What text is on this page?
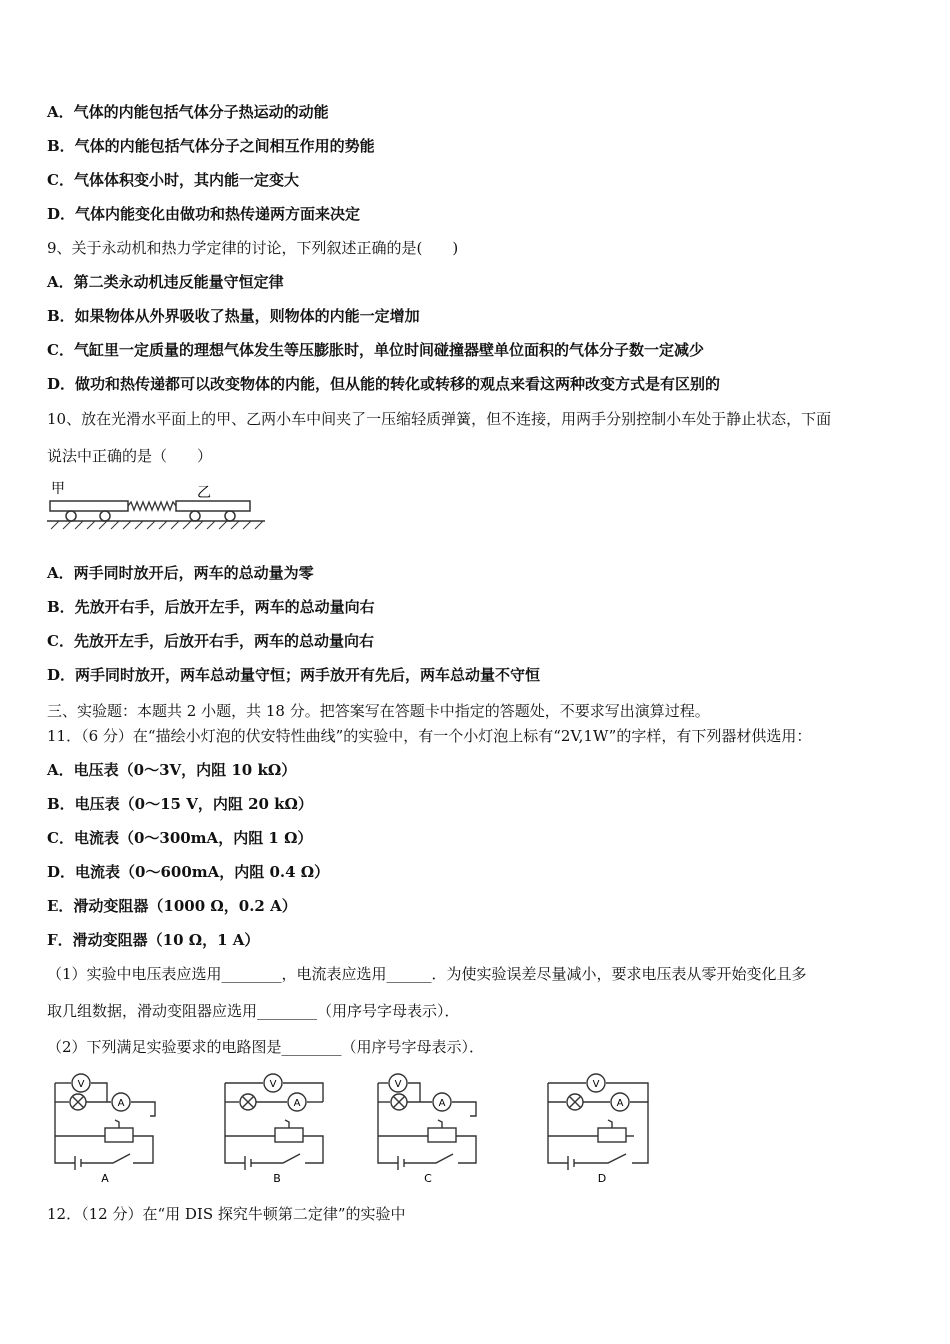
A．气体的内能包括气体分子热运动的动能
B．气体的内能包括气体分子之间相互作用的势能
C．气体体积变小时，其内能一定变大
D．气体内能变化由做功和热传递两方面来决定
9、关于永动机和热力学定律的讨论，下列叙述正确的是(　　)
A．第二类永动机违反能量守恒定律
B．如果物体从外界吸收了热量，则物体的内能一定增加
C．气缸里一定质量的理想气体发生等压膨胀时，单位时间碰撞器壁单位面积的气体分子数一定减少
D．做功和热传递都可以改变物体的内能，但从能的转化或转移的观点来看这两种改变方式是有区别的
10、放在光滑水平面上的甲、乙两小车中间夹了一压缩轻质弹簧，但不连接，用两手分别控制小车处于静止状态，下面
说法中正确的是（　　）
甲	乙
A．两手同时放开后，两车的总动量为零
B．先放开右手，后放开左手，两车的总动量向右
C．先放开左手，后放开右手，两车的总动量向右
D．两手同时放开，两车总动量守恒；两手放开有先后，两车总动量不守恒
三、实验题：本题共 2 小题，共 18 分。把答案写在答题卡中指定的答题处，不要求写出演算过程。
11．（6 分）在“描绘小灯泡的伏安特性曲线”的实验中，有一个小灯泡上标有“2V,1W”的字样，有下列器材供选用：
A．电压表（0～3V，内阻 10 kΩ）
B．电压表（0～15 V，内阻 20 kΩ）
C．电流表（0～300mA，内阻 1 Ω）
D．电流表（0～600mA，内阻 0.4 Ω）
E．滑动变阻器（1000 Ω，0.2 A）
F．滑动变阻器（10 Ω，1 A）
（1）实验中电压表应选用________，电流表应选用______．为使实验误差尽量减小，要求电压表从零开始变化且多
取几组数据，滑动变阻器应选用________（用序号字母表示）．
（2）下列满足实验要求的电路图是________（用序号字母表示）．
V
A
A
V
A
B
V
A
C
V
A
D
12．（12 分）在“用 DIS 探究牛顿第二定律”的实验中
